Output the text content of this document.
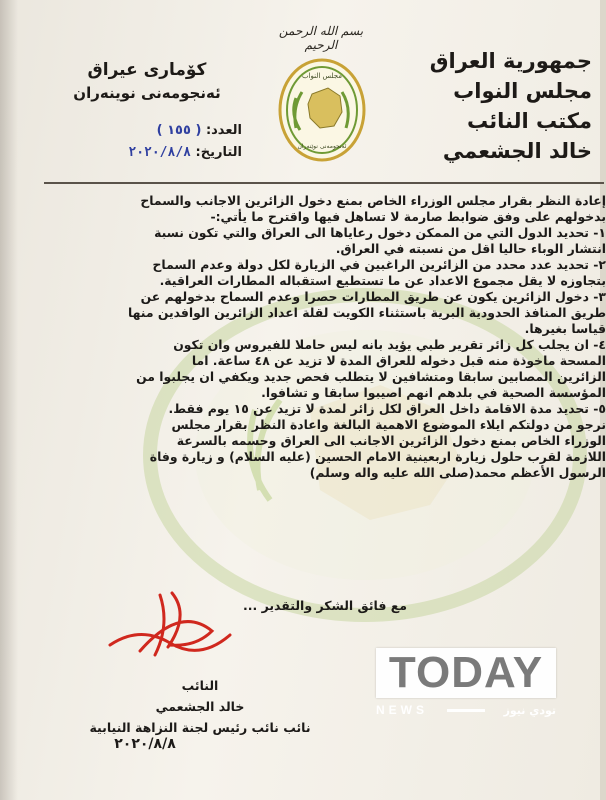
بسم الله الرحمن الرحيم
جمهورية العراق
مجلس النواب
مكتب النائب
خالد الجشعمي
كۆمارى عيراق
ئەنجومەنى نوينەران
العدد: ( ١٥٥ )
التاريخ: ٢٠٢٠/٨/٨
مجلس النواب
ئەنجومەنى نوێنەران
إعادة النظر بقرار مجلس الوزراء الخاص بمنع دخول الزائرين الاجانب والسماح
بدخولهم على وفق ضوابط صارمة لا تساهل فيها واقترح ما يأتي:-
١- تحديد الدول التي من الممكن دخول رعاياها الى العراق والتي تكون نسبة
انتشار الوباء حاليا اقل من نسبته في العراق.
٢- تحديد عدد محدد من الزائرين الراغبين في الزيارة لكل دولة وعدم السماح
بتجاوزه لا يقل مجموع الاعداد عن ما تستطيع استقباله المطارات العراقية.
٣- دخول الزائرين يكون عن طريق المطارات حصرا وعدم السماح بدخولهم عن
طريق المنافذ الحدودية البرية باستثناء الكويت لقلة اعداد الزائرين الوافدين منها
قياسا بغيرها.
٤- ان يجلب كل زائر تقرير طبي يؤيد بانه ليس حاملا للفيروس وان تكون
المسحة ماخوذة منه قبل دخوله للعراق المدة لا تزيد عن ٤٨ ساعة. اما
الزائرين المصابين سابقا ومتشافين لا يتطلب فحص جديد ويكفي ان يجلبوا من
المؤسسة الصحية في بلدهم انهم اصيبوا سابقا و تشافوا.
٥- تحديد مدة الاقامة داخل العراق لكل زائر لمدة لا تزيد عن ١٥ يوم فقط.
نرجو من دولتكم ايلاء الموضوع الاهمية البالغة واعادة النظر بقرار مجلس
الوزراء الخاص بمنع دخول الزائرين الاجانب الى العراق وحسمه بالسرعة
اللازمة لقرب حلول زيارة اربعينية الامام الحسين (عليه السلام) و زيارة وفاة
الرسول الأعظم محمد(صلى الله عليه واله وسلم)
مع فائق الشكر والتقدير ...
النائب
خالد الجشعمي
نائب نائب رئيس لجنة النزاهة النيابية
٢٠٢٠/٨/٨
TODAY
NEWS	تودي نيوز
